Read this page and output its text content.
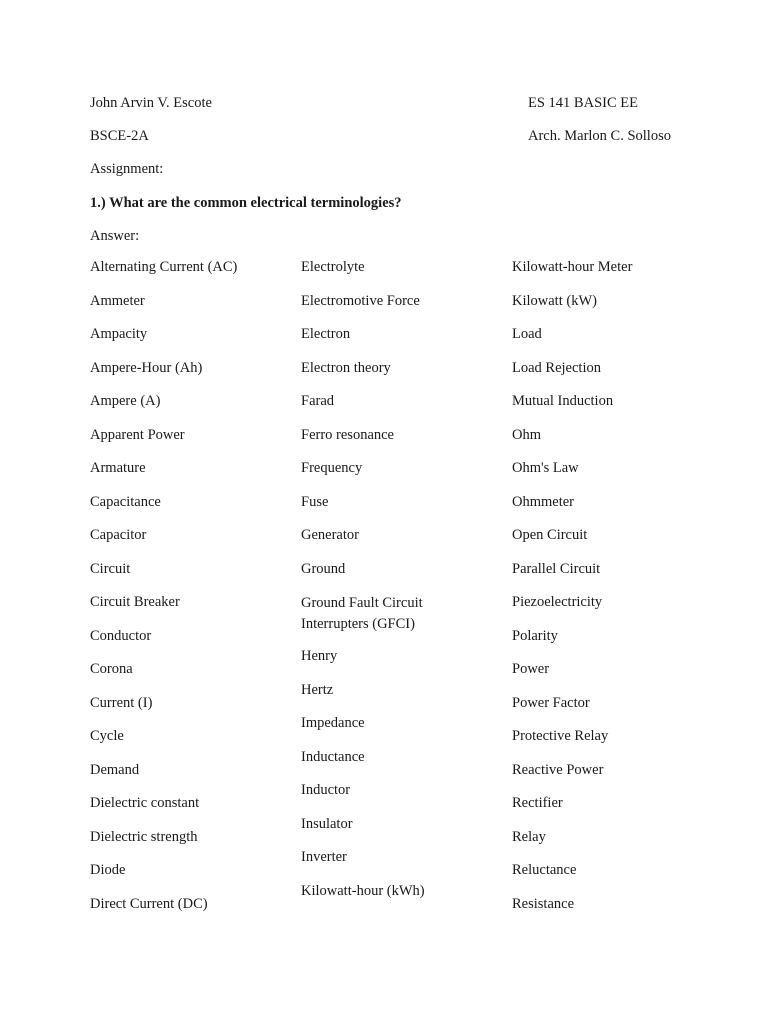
John Arvin V. Escote	ES 141 BASIC EE
BSCE-2A	Arch. Marlon C. Solloso
Assignment:
1.) What are the common electrical terminologies?
Answer:
Alternating Current (AC)
Ammeter
Ampacity
Ampere-Hour (Ah)
Ampere (A)
Apparent Power
Armature
Capacitance
Capacitor
Circuit
Circuit Breaker
Conductor
Corona
Current (I)
Cycle
Demand
Dielectric constant
Dielectric strength
Diode
Direct Current (DC)
Electrolyte
Electromotive Force
Electron
Electron theory
Farad
Ferro resonance
Frequency
Fuse
Generator
Ground
Ground Fault Circuit Interrupters (GFCI)
Henry
Hertz
Impedance
Inductance
Inductor
Insulator
Inverter
Kilowatt-hour (kWh)
Kilowatt-hour Meter
Kilowatt (kW)
Load
Load Rejection
Mutual Induction
Ohm
Ohm's Law
Ohmmeter
Open Circuit
Parallel Circuit
Piezoelectricity
Polarity
Power
Power Factor
Protective Relay
Reactive Power
Rectifier
Relay
Reluctance
Resistance
